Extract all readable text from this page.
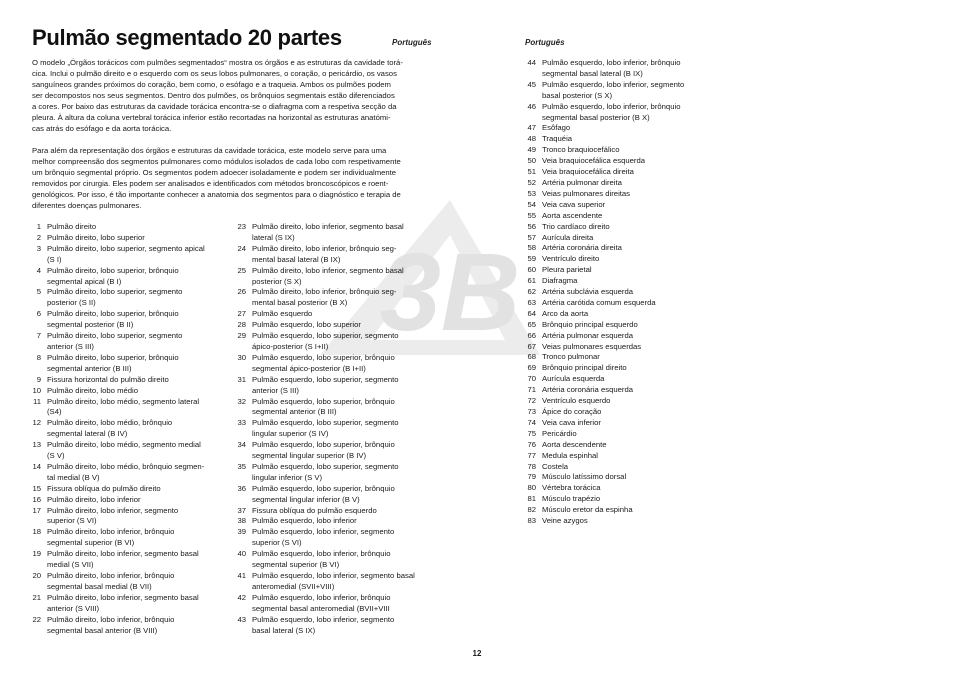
3B
Pulmão segmentado 20 partes	Português	Português

O modelo „Órgãos torácicos com pulmões segmentados“ mostra os órgãos e as estruturas da cavidade torá-
cica. Inclui o pulmão direito e o esquerdo com os seus lobos pulmonares, o coração, o pericárdio, os vasos
sanguíneos grandes próximos do coração, bem como, o esófago e a traqueia. Ambos os pulmões podem
ser decompostos nos seus segmentos. Dentro dos pulmões, os brônquios segmentais estão diferenciados
a cores. Por baixo das estruturas da cavidade torácica encontra-se o diafragma com a respetiva secção da
pleura. À altura da coluna vertebral torácica inferior estão recortadas na horizontal as estruturas anatómi-
cas atrás do esófago e da aorta torácica.

Para além da representação dos órgãos e estruturas da cavidade torácica, este modelo serve para uma
melhor compreensão dos segmentos pulmonares como módulos isolados de cada lobo com respetivamente
um brônquio segmental próprio. Os segmentos podem adoecer isoladamente e podem ser individualmente
removidos por cirurgia. Eles podem ser analisados e identificados com métodos broncoscópicos e roent-
genológicos. Por isso, é tão importante conhecer a anatomia dos segmentos para o diagnóstico e terapia de
diferentes doenças pulmonares.

1 Pulmão direito
2 Pulmão direito, lobo superior
3 Pulmão direito, lobo superior, segmento apical
(S I)
4 Pulmão direito, lobo superior, brônquio
segmental apical (B I)
5 Pulmão direito, lobo superior, segmento
posterior (S II)
6 Pulmão direito, lobo superior, brônquio
segmental posterior (B II)
7 Pulmão direito, lobo superior, segmento
anterior (S III)
8 Pulmão direito, lobo superior, brônquio
segmental anterior (B III)
9 Fissura horizontal do pulmão direito
10 Pulmão direito, lobo médio
11 Pulmão direito, lobo médio, segmento lateral
(S4)
12 Pulmão direito, lobo médio, brônquio
segmental lateral (B IV)
13 Pulmão direito, lobo médio, segmento medial
(S V)
14 Pulmão direito, lobo médio, brônquio segmen-
tal medial (B V)
15 Fissura oblíqua do pulmão direito
16 Pulmão direito, lobo inferior
17 Pulmão direito, lobo inferior, segmento
superior (S VI)
18 Pulmão direito, lobo inferior, brônquio
segmental superior (B VI)
19 Pulmão direito, lobo inferior, segmento basal
medial (S VII)
20 Pulmão direito, lobo inferior, brônquio
segmental basal medial (B VII)
21 Pulmão direito, lobo inferior, segmento basal
anterior (S VIII)
22 Pulmão direito, lobo inferior, brônquio
segmental basal anterior (B VIII)
23 Pulmão direito, lobo inferior, segmento basal
lateral (S IX)
24 Pulmão direito, lobo inferior, brônquio seg-
mental basal lateral (B IX)
25 Pulmão direito, lobo inferior, segmento basal
posterior (S X)
26 Pulmão direito, lobo inferior, brônquio seg-
mental basal posterior (B X)
27 Pulmão esquerdo
28 Pulmão esquerdo, lobo superior
29 Pulmão esquerdo, lobo superior, segmento
ápico-posterior (S I+II)
30 Pulmão esquerdo, lobo superior, brônquio
segmental ápico-posterior (B I+II)
31 Pulmão esquerdo, lobo superior, segmento
anterior (S III)
32 Pulmão esquerdo, lobo superior, brônquio
segmental anterior (B III)
33 Pulmão esquerdo, lobo superior, segmento
lingular superior (S IV)
34 Pulmão esquerdo, lobo superior, brônquio
segmental lingular superior (B IV)
35 Pulmão esquerdo, lobo superior, segmento
lingular inferior (S V)
36 Pulmão esquerdo, lobo superior, brônquio
segmental lingular inferior (B V)
37 Fissura oblíqua do pulmão esquerdo
38 Pulmão esquerdo, lobo inferior
39 Pulmão esquerdo, lobo inferior, segmento
superior (S VI)
40 Pulmão esquerdo, lobo inferior, brônquio
segmental superior (B VI)
41 Pulmão esquerdo, lobo inferior, segmento basal
anteromedial (SVII+VIII)
42 Pulmão esquerdo, lobo inferior, brônquio
segmental basal anteromedial (BVII+VIII
43 Pulmão esquerdo, lobo inferior, segmento
basal lateral (S IX)
44 Pulmão esquerdo, lobo inferior, brônquio
segmental basal lateral (B IX)
45 Pulmão esquerdo, lobo inferior, segmento
basal posterior (S X)
46 Pulmão esquerdo, lobo inferior, brônquio
segmental basal posterior (B X)
47 Esôfago
48 Traquéia
49 Tronco braquiocefálico
50 Veia braquiocefálica esquerda
51 Veia braquiocefálica direita
52 Artéria pulmonar direita
53 Veias pulmonares direitas
54 Veia cava superior
55 Aorta ascendente
56 Trio cardíaco direito
57 Aurícula direita
58 Artéria coronária direita
59 Ventrículo direito
60 Pleura parietal
61 Diafragma
62 Artéria subclávia esquerda
63 Artéria carótida comum esquerda
64 Arco da aorta
65 Brônquio principal esquerdo
66 Artéria pulmonar esquerda
67 Veias pulmonares esquerdas
68 Tronco pulmonar
69 Brônquio principal direito
70 Aurícula esquerda
71 Artéria coronária esquerda
72 Ventrículo esquerdo
73 Ápice do coração
74 Veia cava inferior
75 Pericárdio
76 Aorta descendente
77 Medula espinhal
78 Costela
79 Músculo latíssimo dorsal
80 Vértebra torácica
81 Músculo trapézio
82 Músculo eretor da espinha
83 Veine azygos
12
